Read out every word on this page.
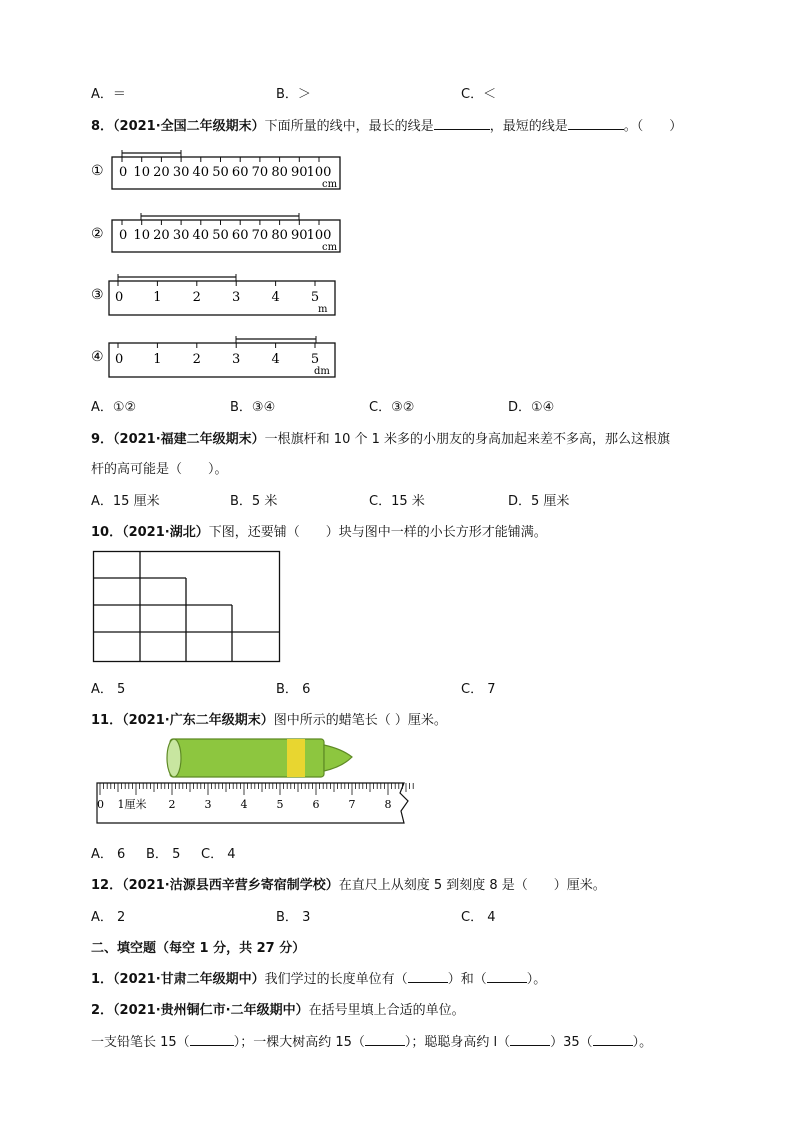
A．＝	B．＞	C．＜
8．（2021·全国二年级期末）下面所量的线中，最长的线是	，最短的线是	。（　　）
① 0 10 20 30 40 50 60 70 80 90 100
cm
② 0 10 20 30 40 50 60 70 80 90 100
cm
③ 0 1 2 3 4 5
m
④ 0 1 2 3 4 5
dm
A．①②	B．③④	C．③②	D．①④
9．（2021·福建二年级期末）一根旗杆和 10 个 1 米多的小朋友的身高加起来差不多高，那么这根旗
杆的高可能是（　　）。
A．15 厘米	B．5 米	C．15 米	D．5 厘米
10．（2021·湖北）下图，还要铺（　　）块与图中一样的小长方形才能铺满。
A． 5	B． 6	C． 7
11．（2021·广东二年级期末）图中所示的蜡笔长（ ）厘米。
0 1厘米 2	3	4	5	6	7	8
A． 6 B． 5 C． 4
12．（2021·沽源县西辛营乡寄宿制学校）在直尺上从刻度 5 到刻度 8 是（　　）厘米。
A． 2	B． 3	C． 4
二、填空题（每空 1 分，共 27 分）
1．（2021·甘肃二年级期中）我们学过的长度单位有（	）和（	）。
2．（2021·贵州铜仁市·二年级期中）在括号里填上合适的单位。
一支铅笔长 15（	）；一棵大树高约 15（	）；聪聪身高约 l（	）35（	）。
